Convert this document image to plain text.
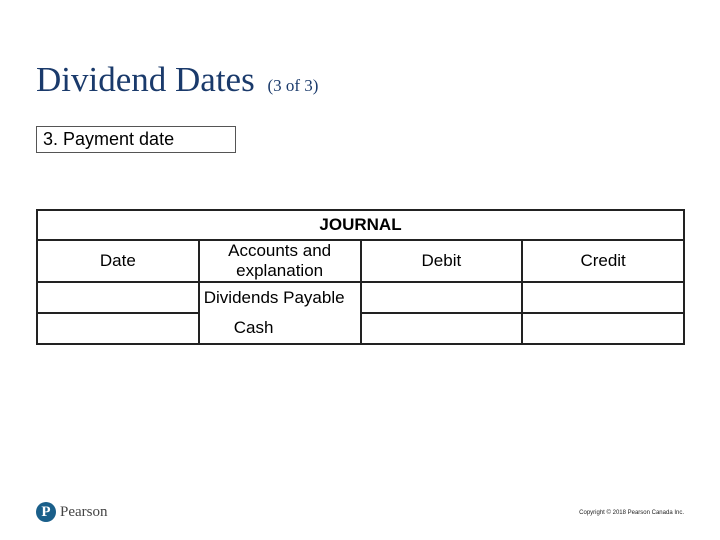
Dividend Dates (3 of 3)
3. Payment date
JOURNAL			
Date	Accounts and explanation	Debit	Credit
	Dividends Payable		
	Cash		
P Pearson	Copyright © 2018 Pearson Canada Inc.
